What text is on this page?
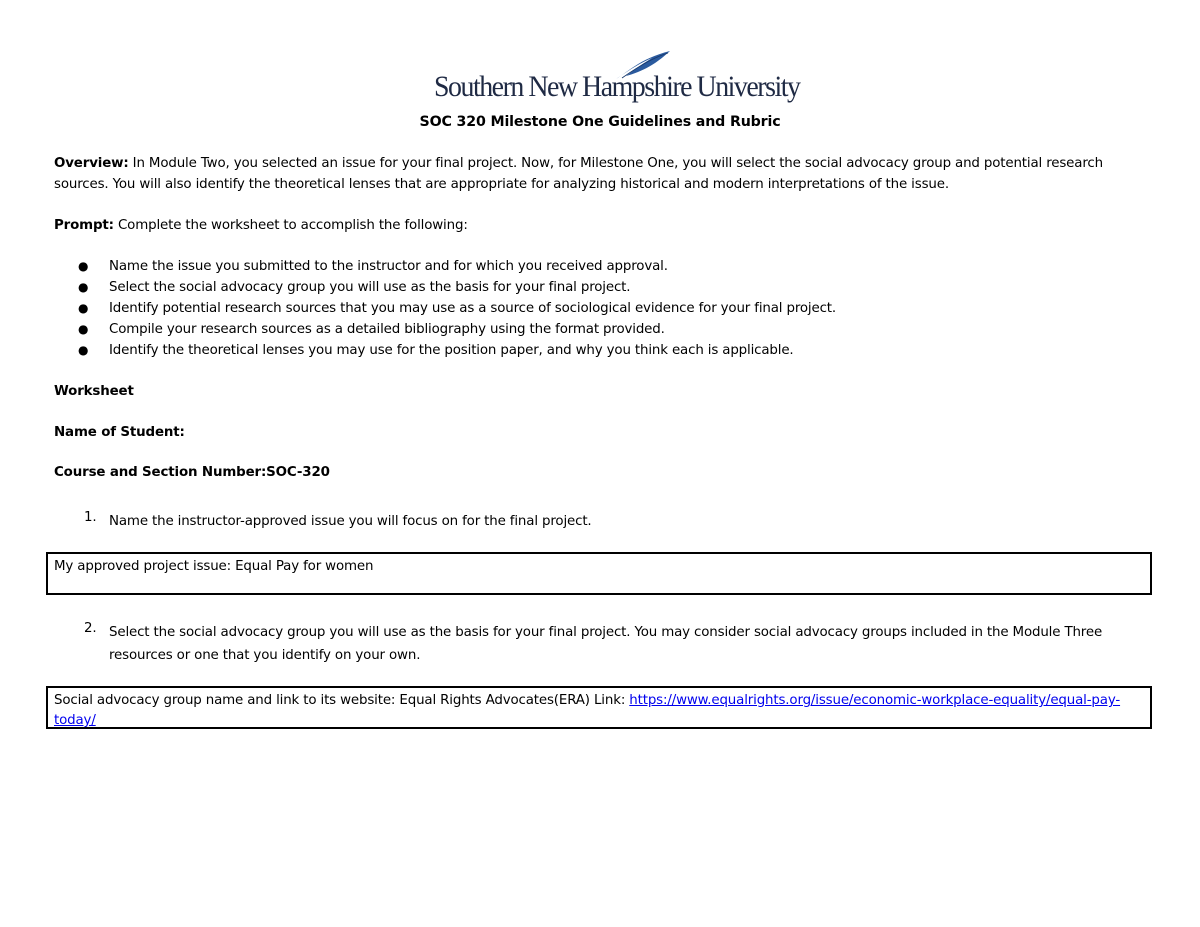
Southern New Hampshire University
SOC 320 Milestone One Guidelines and Rubric
Overview: In Module Two, you selected an issue for your final project. Now, for Milestone One, you will select the social advocacy group and potential research sources. You will also identify the theoretical lenses that are appropriate for analyzing historical and modern interpretations of the issue.
Prompt: Complete the worksheet to accomplish the following:
● Name the issue you submitted to the instructor and for which you received approval.
● Select the social advocacy group you will use as the basis for your final project.
● Identify potential research sources that you may use as a source of sociological evidence for your final project.
● Compile your research sources as a detailed bibliography using the format provided.
● Identify the theoretical lenses you may use for the position paper, and why you think each is applicable.
Worksheet
Name of Student:
Course and Section Number:SOC-320
1. Name the instructor-approved issue you will focus on for the final project.
My approved project issue: Equal Pay for women
2. Select the social advocacy group you will use as the basis for your final project. You may consider social advocacy groups included in the Module Three resources or one that you identify on your own.
Social advocacy group name and link to its website: Equal Rights Advocates(ERA) Link: https://www.equalrights.org/issue/economic-workplace-equality/equal-pay-today/
